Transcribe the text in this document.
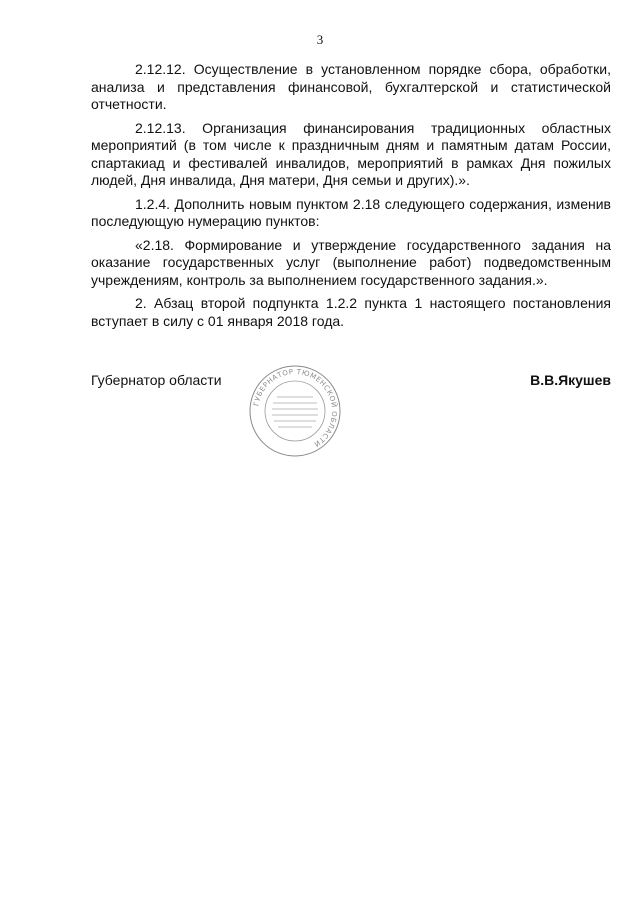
3

2.12.12. Осуществление в установленном порядке сбора, обработки, анализа и представления финансовой, бухгалтерской и статистической отчетности.

2.12.13. Организация финансирования традиционных областных мероприятий (в том числе к праздничным дням и памятным датам России, спартакиад и фестивалей инвалидов, мероприятий в рамках Дня пожилых людей, Дня инвалида, Дня матери, Дня семьи и других).».

1.2.4. Дополнить новым пунктом 2.18 следующего содержания, изменив последующую нумерацию пунктов:

«2.18. Формирование и утверждение государственного задания на оказание государственных услуг (выполнение работ) подведомственным учреждениям, контроль за выполнением государственного задания.».

2. Абзац второй подпункта 1.2.2 пункта 1 настоящего постановления вступает в силу с 01 января 2018 года.

Губернатор области	В.В.Якушев
ГУБЕРНАТОР ТЮМЕНСКОЙ ОБЛАСТИ
